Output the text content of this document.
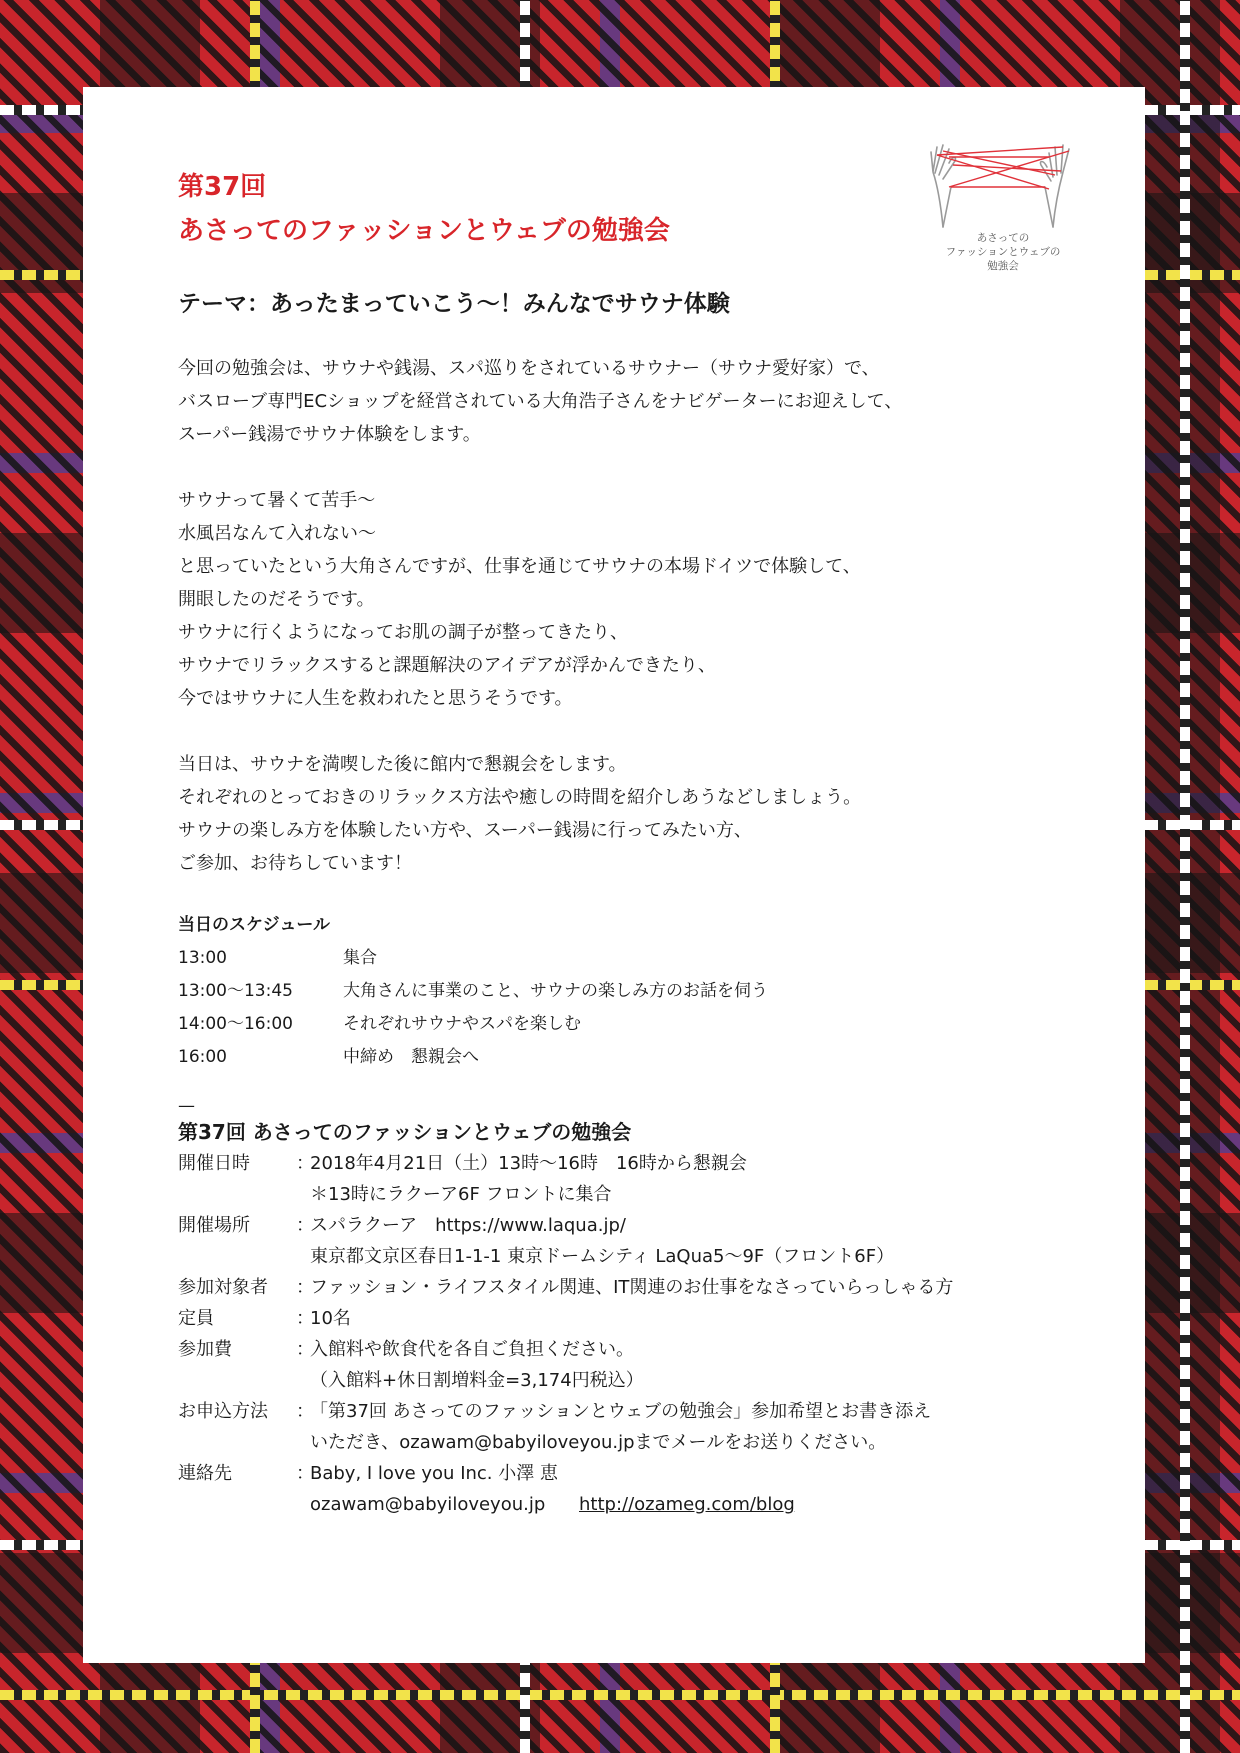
あさっての
ファッションとウェブの
勉強会

第37回

あさってのファッションとウェブの勉強会

テーマ：あったまっていこう〜！みんなでサウナ体験
今回の勉強会は、サウナや銭湯、スパ巡りをされているサウナー（サウナ愛好家）で、
バスローブ専門ECショップを経営されている大角浩子さんをナビゲーターにお迎えして、
スーパー銭湯でサウナ体験をします。
サウナって暑くて苦手〜
水風呂なんて入れない〜
と思っていたという大角さんですが、仕事を通じてサウナの本場ドイツで体験して、
開眼したのだそうです。
サウナに行くようになってお肌の調子が整ってきたり、
サウナでリラックスすると課題解決のアイデアが浮かんできたり、
今ではサウナに人生を救われたと思うそうです。
当日は、サウナを満喫した後に館内で懇親会をします。
それぞれのとっておきのリラックス方法や癒しの時間を紹介しあうなどしましょう。
サウナの楽しみ方を体験したい方や、スーパー銭湯に行ってみたい方、
ご参加、お待ちしています！
当日のスケジュール
13:00	集合
13:00〜13:45	大角さんに事業のこと、サウナの楽しみ方のお話を伺う
14:00〜16:00	それぞれサウナやスパを楽しむ
16:00	中締め　懇親会へ
—
第37回 あさってのファッションとウェブの勉強会
開催日時	：
2018年4月21日（土）13時〜16時　16時から懇親会
＊13時にラクーア6F フロントに集合
開催場所	：
スパラクーア　https://www.laqua.jp/
東京都文京区春日1-1-1 東京ドームシティ LaQua5〜9F（フロント6F）
参加対象者	：
ファッション・ライフスタイル関連、IT関連のお仕事をなさっていらっしゃる方
定員	：
10名
参加費	：
入館料や飲食代を各自ご負担ください。
（入館料+休日割増料金=3,174円税込）
お申込方法	：
「第37回 あさってのファッションとウェブの勉強会」参加希望とお書き添え
いただき、ozawam@babyiloveyou.jpまでメールをお送りください。
連絡先	：
Baby, I love you Inc. 小澤 恵
ozawam@babyiloveyou.jp http://ozameg.com/blog
